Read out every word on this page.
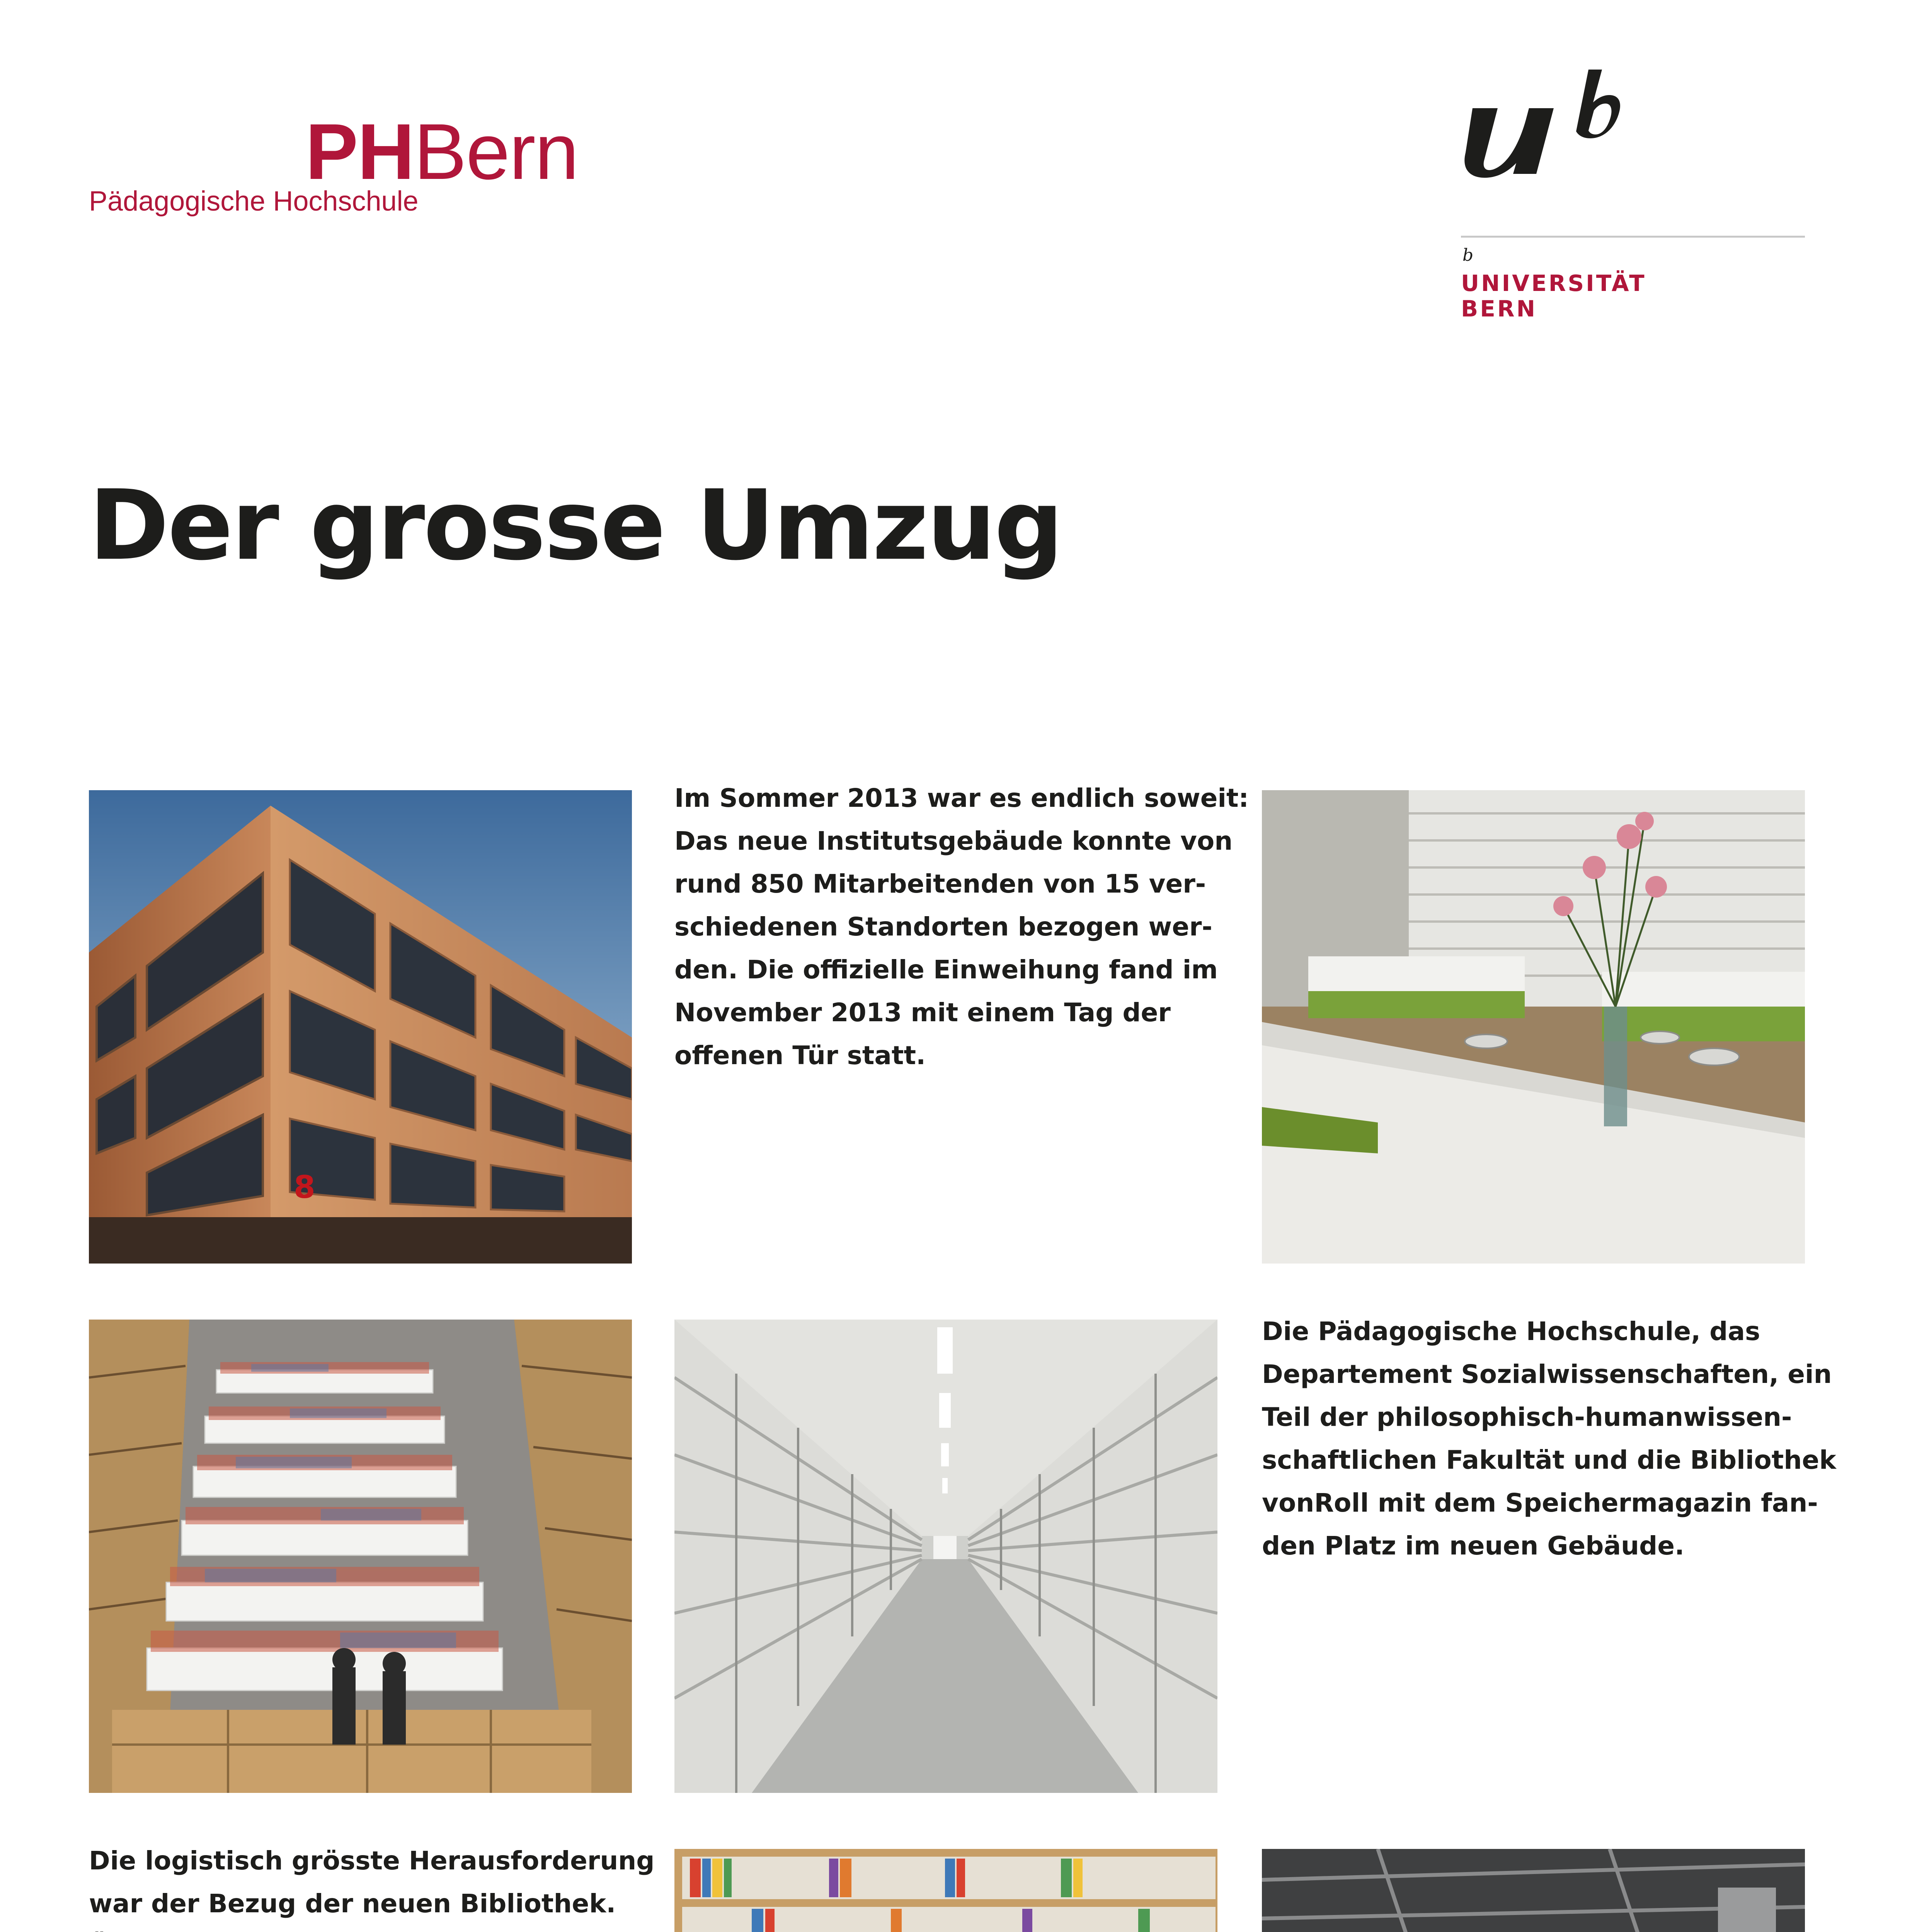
PHBern
Pädagogische Hochschule
b
UNIVERSITÄT
BERN
Der grosse Umzug
8
Im Sommer 2013 war es endlich soweit:
Das neue Institutsgebäude konnte von
rund 850 Mitarbeitenden von 15 ver-
schiedenen Standorten bezogen wer-
den. Die offizielle Einweihung fand im
November 2013 mit einem Tag der
offenen Tür statt.
Die Pädagogische Hochschule, das
Departement Sozialwissenschaften, ein
Teil der philosophisch-humanwissen-
schaftlichen Fakultät und die Bibliothek
vonRoll mit dem Speichermagazin fan-
den Platz im neuen Gebäude.
Die logistisch grösste Herausforderung
war der Bezug der neuen Bibliothek.
